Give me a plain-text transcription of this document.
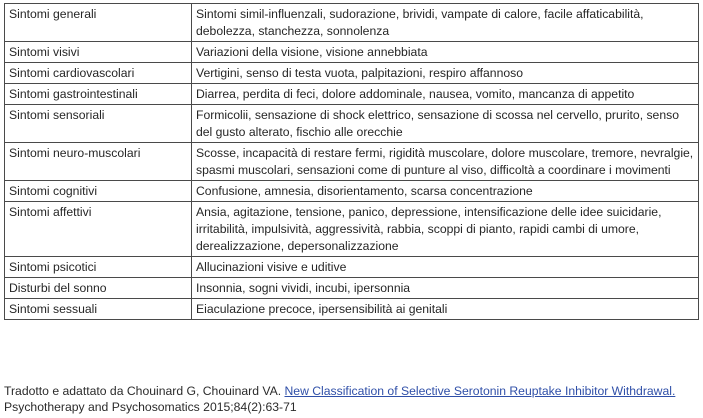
Sintomi generali	Sintomi simil-influenzali, sudorazione, brividi, vampate di calore, facile affaticabilità, debolezza, stanchezza, sonnolenza
Sintomi visivi	Variazioni della visione, visione annebbiata
Sintomi cardiovascolari	Vertigini, senso di testa vuota, palpitazioni, respiro affannoso
Sintomi gastrointestinali	Diarrea, perdita di feci, dolore addominale, nausea, vomito, mancanza di appetito
Sintomi sensoriali	Formicolii, sensazione di shock elettrico, sensazione di scossa nel cervello, prurito, senso del gusto alterato, fischio alle orecchie
Sintomi neuro-muscolari	Scosse, incapacità di restare fermi, rigidità muscolare, dolore muscolare, tremore, nevralgie, spasmi muscolari, sensazioni come di punture al viso, difficoltà a coordinare i movimenti
Sintomi cognitivi	Confusione, amnesia, disorientamento, scarsa concentrazione
Sintomi affettivi	Ansia, agitazione, tensione, panico, depressione, intensificazione delle idee suicidarie, irritabilità, impulsività, aggressività, rabbia, scoppi di pianto, rapidi cambi di umore, derealizzazione, depersonalizzazione
Sintomi psicotici	Allucinazioni visive e uditive
Disturbi del sonno	Insonnia, sogni vividi, incubi, ipersonnia
Sintomi sessuali	Eiaculazione precoce, ipersensibilità ai genitali
Tradotto e adattato da Chouinard G, Chouinard VA. New Classification of Selective Serotonin Reuptake Inhibitor Withdrawal. Psychotherapy and Psychosomatics 2015;84(2):63-71
